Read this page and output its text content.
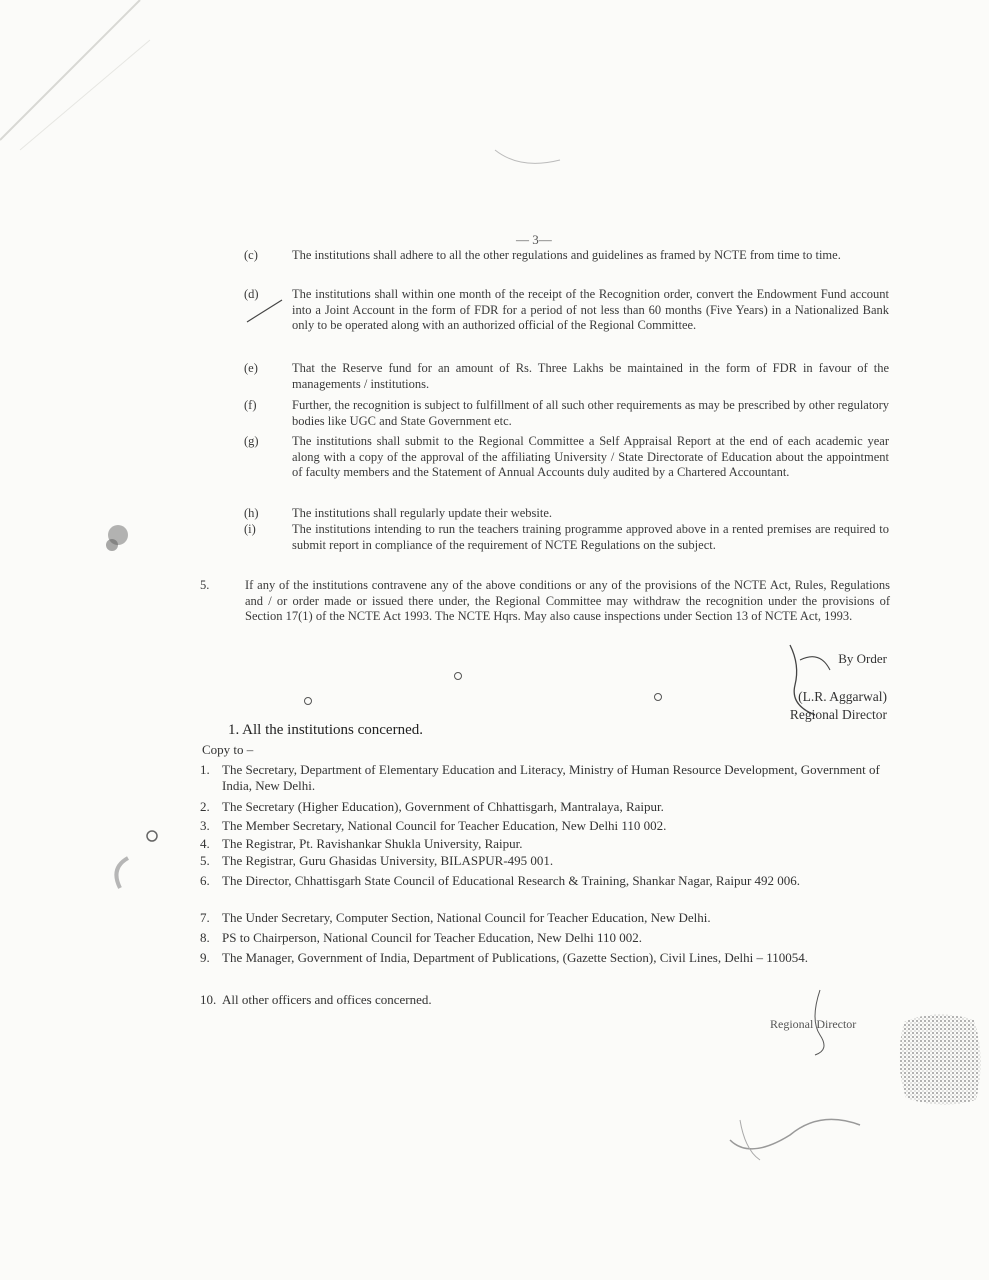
— 3—
(c)	The institutions shall adhere to all the other regulations and guidelines as framed by NCTE from time to time.
(d)	The institutions shall within one month of the receipt of the Recognition order, convert the Endowment Fund account into a Joint Account in the form of FDR for a period of not less than 60 months (Five Years) in a Nationalized Bank only to be operated along with an authorized official of the Regional Committee.
(e)	That the Reserve fund for an amount of Rs. Three Lakhs be maintained in the form of FDR in favour of the managements / institutions.
(f)	Further, the recognition is subject to fulfillment of all such other requirements as may be prescribed by other regulatory bodies like UGC and State Government etc.
(g)	The institutions shall submit to the Regional Committee a Self Appraisal Report at the end of each academic year along with a copy of the approval of the affiliating University / State Directorate of Education about the appointment of faculty members and the Statement of Annual Accounts duly audited by a Chartered Accountant.
(h)	The institutions shall regularly update their website.
(i)	The institutions intending to run the teachers training programme approved above in a rented premises are required to submit report in compliance of the requirement of NCTE Regulations on the subject.
5.	If any of the institutions contravene any of the above conditions or any of the provisions of the NCTE Act, Rules, Regulations and / or order made or issued there under, the Regional Committee may withdraw the recognition under the provisions of Section 17(1) of the NCTE Act 1993. The NCTE Hqrs. May also cause inspections under Section 13 of NCTE Act, 1993.
By Order
(L.R. Aggarwal)
Regional Director
1. All the institutions concerned.
Copy to –
1. The Secretary, Department of Elementary Education and Literacy, Ministry of Human Resource Development, Government of India, New Delhi.
2. The Secretary (Higher Education), Government of Chhattisgarh, Mantralaya, Raipur.
3. The Member Secretary, National Council for Teacher Education, New Delhi 110 002.
4. The Registrar, Pt. Ravishankar Shukla University, Raipur.
5. The Registrar, Guru Ghasidas University, BILASPUR-495 001.
6. The Director, Chhattisgarh State Council of Educational Research & Training, Shankar Nagar, Raipur 492 006.
7. The Under Secretary, Computer Section, National Council for Teacher Education, New Delhi.
8. PS to Chairperson, National Council for Teacher Education, New Delhi 110 002.
9. The Manager, Government of India, Department of Publications, (Gazette Section), Civil Lines, Delhi – 110054.
10. All other officers and offices concerned.
Regional Director
